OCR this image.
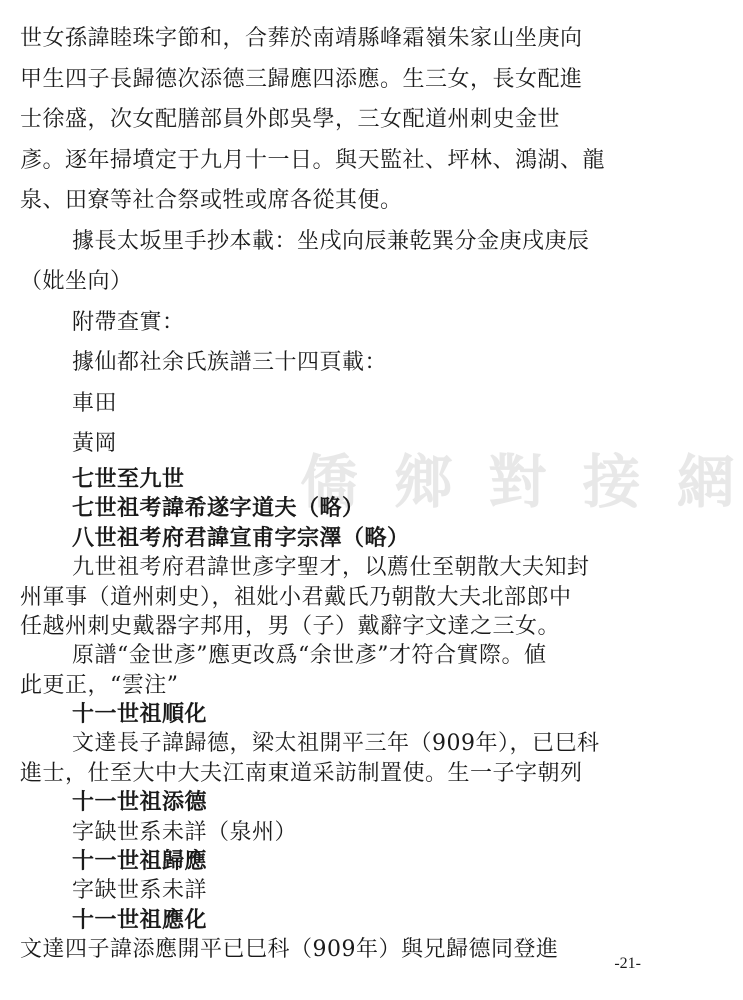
僑 鄉 對 接 網
世女孫諱睦珠字節和，合葬於南靖縣峰霜嶺朱家山坐庚向
甲生四子長歸德次添德三歸應四添應。生三女，長女配進
士徐盛，次女配膳部員外郎吳學，三女配道州刺史金世
彥。逐年掃墳定于九月十一日。與天監社、坪林、鴻湖、龍
泉、田寮等社合祭或牲或席各從其便。
據長太坂里手抄本載：坐戌向辰兼乾巽分金庚戌庚辰
（妣坐向）
附帶查實：
據仙都社余氏族譜三十四頁載：
車田
黃岡
七世至九世
七世祖考諱希遂字道夫（略）
八世祖考府君諱宣甫字宗澤（略）
九世祖考府君諱世彥字聖才，以薦仕至朝散大夫知封
州軍事（道州刺史），祖妣小君戴氏乃朝散大夫北部郎中
任越州刺史戴器字邦用，男（子）戴辭字文達之三女。
原譜“金世彥”應更改爲“余世彥”才符合實際。値
此更正，“雲注”
十一世祖順化
文達長子諱歸德，梁太祖開平三年（909年），已巳科
進士，仕至大中大夫江南東道采訪制置使。生一子字朝列
十一世祖添德
字缺世系未詳（泉州）
十一世祖歸應
字缺世系未詳
十一世祖應化
文達四子諱添應開平已巳科（909年）與兄歸德同登進
-21-
